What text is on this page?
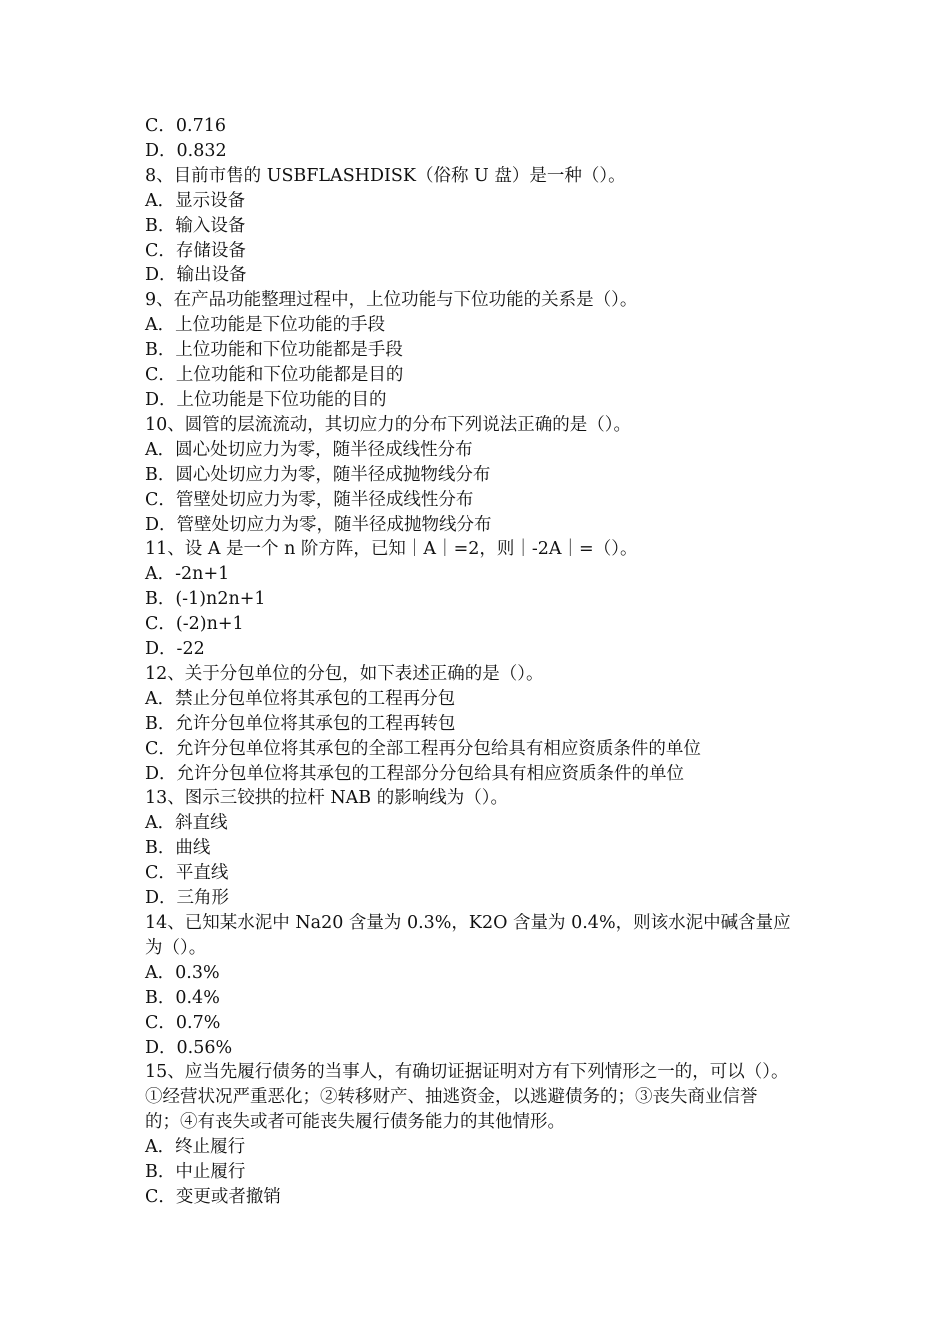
C．0.716
D．0.832
8、目前市售的 USBFLASHDISK（俗称 U 盘）是一种（）。
A．显示设备
B．输入设备
C．存储设备
D．输出设备
9、在产品功能整理过程中，上位功能与下位功能的关系是（）。
A．上位功能是下位功能的手段
B．上位功能和下位功能都是手段
C．上位功能和下位功能都是目的
D．上位功能是下位功能的目的
10、圆管的层流流动，其切应力的分布下列说法正确的是（）。
A．圆心处切应力为零，随半径成线性分布
B．圆心处切应力为零，随半径成抛物线分布
C．管壁处切应力为零，随半径成线性分布
D．管壁处切应力为零，随半径成抛物线分布
11、设 A 是一个 n 阶方阵，已知｜A｜=2，则｜-2A｜=（）。
A．-2n+1
B．(-1)n2n+1
C．(-2)n+1
D．-22
12、关于分包单位的分包，如下表述正确的是（）。
A．禁止分包单位将其承包的工程再分包
B．允许分包单位将其承包的工程再转包
C．允许分包单位将其承包的全部工程再分包给具有相应资质条件的单位
D．允许分包单位将其承包的工程部分分包给具有相应资质条件的单位
13、图示三铰拱的拉杆 NAB 的影响线为（）。
A．斜直线
B．曲线
C．平直线
D．三角形
14、已知某水泥中 Na20 含量为 0.3%，K2O 含量为 0.4%，则该水泥中碱含量应
为（）。
A．0.3%
B．0.4%
C．0.7%
D．0.56%
15、应当先履行债务的当事人，有确切证据证明对方有下列情形之一的，可以（）。
①经营状况严重恶化；②转移财产、抽逃资金，以逃避债务的；③丧失商业信誉
的；④有丧失或者可能丧失履行债务能力的其他情形。
A．终止履行
B．中止履行
C．变更或者撤销
